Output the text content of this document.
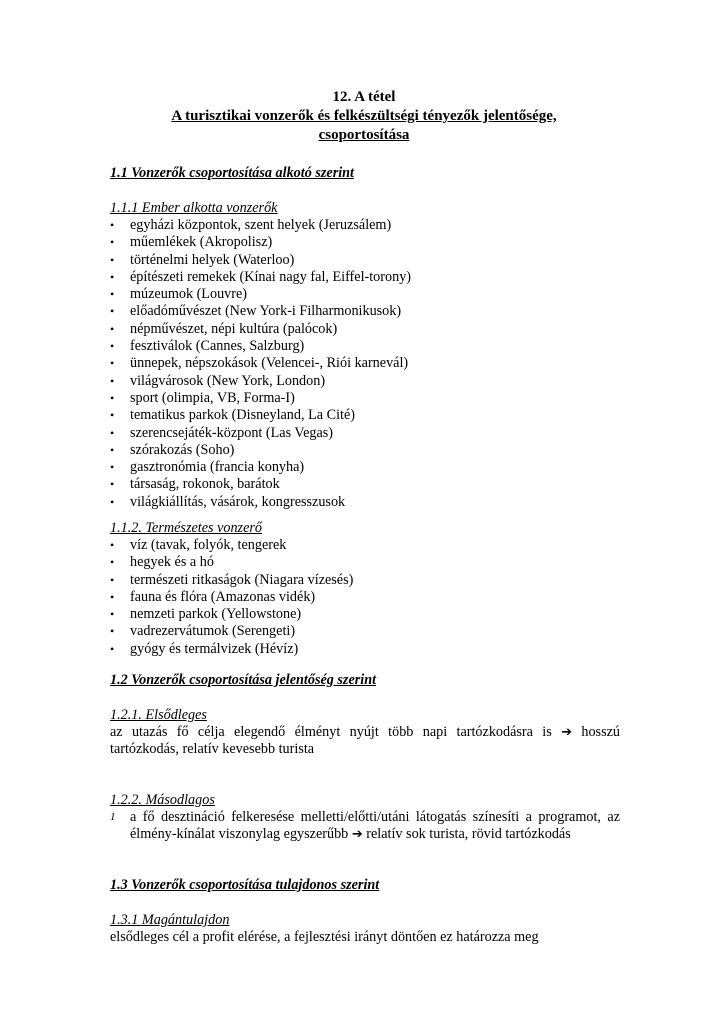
12. A tétel
A turisztikai vonzerők és felkészültségi tényezők jelentősége,
csoportosítása
1.1 Vonzerők csoportosítása alkotó szerint
1.1.1 Ember alkotta vonzerők
• egyházi központok, szent helyek (Jeruzsálem)
• műemlékek (Akropolisz)
• történelmi helyek (Waterloo)
• építészeti remekek (Kínai nagy fal, Eiffel-torony)
• múzeumok (Louvre)
• előadóművészet (New York-i Filharmonikusok)
• népművészet, népi kultúra (palócok)
• fesztiválok (Cannes, Salzburg)
• ünnepek, népszokások (Velencei-, Riói karnevál)
• világvárosok (New York, London)
• sport (olimpia, VB, Forma-I)
• tematikus parkok (Disneyland, La Cité)
• szerencsejáték-központ (Las Vegas)
• szórakozás (Soho)
• gasztronómia (francia konyha)
• társaság, rokonok, barátok
• világkiállítás, vásárok, kongresszusok
1.1.2. Természetes vonzerő
• víz (tavak, folyók, tengerek
• hegyek és a hó
• természeti ritkaságok (Niagara vízesés)
• fauna és flóra (Amazonas vidék)
• nemzeti parkok (Yellowstone)
• vadrezervátumok (Serengeti)
• gyógy és termálvizek (Hévíz)
1.2 Vonzerők csoportosítása jelentőség szerint
1.2.1. Elsődleges
az utazás fő célja elegendő élményt nyújt több napi tartózkodásra is ➔ hosszú tartózkodás, relatív kevesebb turista
1.2.2. Másodlagos
1 a fő desztináció felkeresése melletti/előtti/utáni látogatás színesíti a programot, az élmény-kínálat viszonylag egyszerűbb ➔ relatív sok turista, rövid tartózkodás
1.3 Vonzerők csoportosítása tulajdonos szerint
1.3.1 Magántulajdon
elsődleges cél a profit elérése, a fejlesztési irányt döntően ez határozza meg
